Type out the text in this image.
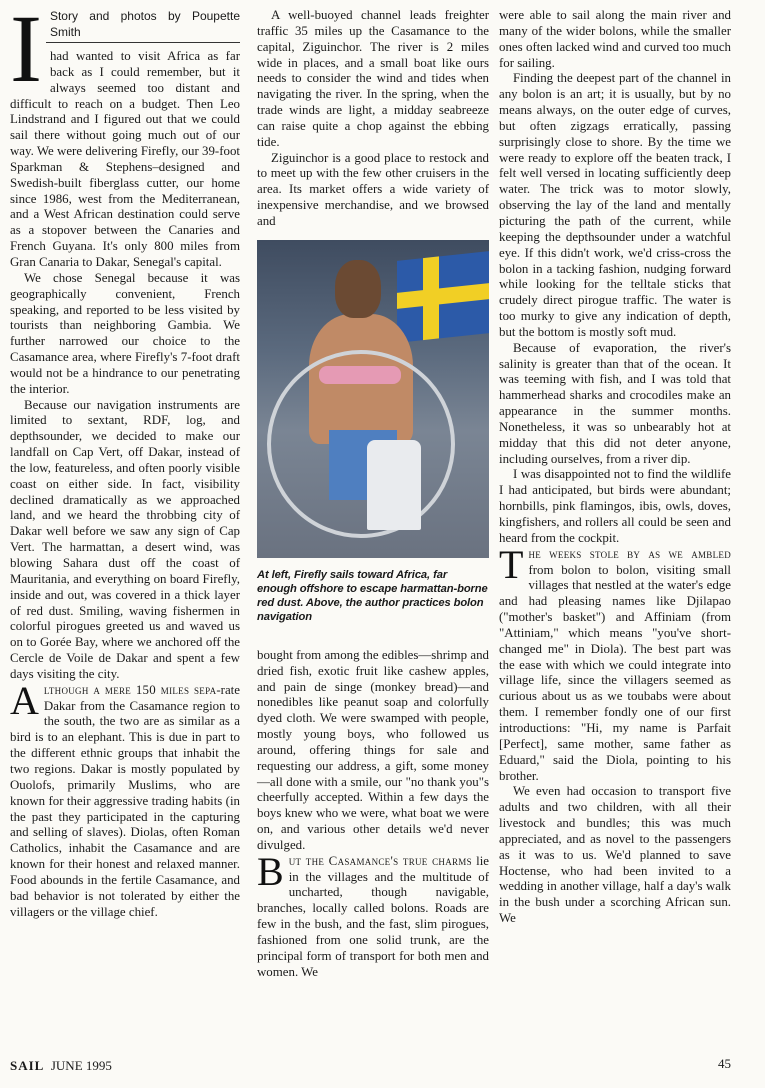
I Story and photos by Poupette Smith

had wanted to visit Africa as far back as I could remember, but it always seemed too distant and difficult to reach on a budget. Then Leo Lindstrand and I figured out that we could sail there without going much out of our way. We were delivering Firefly, our 39-foot Sparkman & Stephens–designed and Swedish-built fiberglass cutter, our home since 1986, west from the Mediterranean, and a West African destination could serve as a stopover between the Canaries and French Guyana. It's only 800 miles from Gran Canaria to Dakar, Senegal's capital.

We chose Senegal because it was geographically convenient, French speaking, and reported to be less visited by tourists than neighboring Gambia. We further narrowed our choice to the Casamance area, where Firefly's 7-foot draft would not be a hindrance to our penetrating the interior.

Because our navigation instruments are limited to sextant, RDF, log, and depthsounder, we decided to make our landfall on Cap Vert, off Dakar, instead of the low, featureless, and often poorly visible coast on either side. In fact, visibility declined dramatically as we approached land, and we heard the throbbing city of Dakar well before we saw any sign of Cap Vert. The harmattan, a desert wind, was blowing Sahara dust off the coast of Mauritania, and everything on board Firefly, inside and out, was covered in a thick layer of red dust. Smiling, waving fishermen in colorful pirogues greeted us and waved us on to Gorée Bay, where we anchored off the Cercle de Voile de Dakar and spent a few days visiting the city.

Although a mere 150 miles sepa-rate Dakar from the Casamance region to the south, the two are as similar as a bird is to an elephant. This is due in part to the different ethnic groups that inhabit the two regions. Dakar is mostly populated by Ouolofs, primarily Muslims, who are known for their aggressive trading habits (in the past they participated in the capturing and selling of slaves). Diolas, often Roman Catholics, inhabit the Casamance and are known for their honest and relaxed manner. Food abounds in the fertile Casamance, and bad behavior is not tolerated by either the villagers or the village chief.

A well-buoyed channel leads freighter traffic 35 miles up the Casamance to the capital, Ziguinchor. The river is 2 miles wide in places, and a small boat like ours needs to consider the wind and tides when navigating the river. In the spring, when the trade winds are light, a midday seabreeze can raise quite a chop against the ebbing tide.

Ziguinchor is a good place to restock and to meet up with the few other cruisers in the area. Its market offers a wide variety of inexpensive merchandise, and we browsed and

At left, Firefly sails toward Africa, far enough offshore to escape harmattan-borne red dust. Above, the author practices bolon navigation

bought from among the edibles—shrimp and dried fish, exotic fruit like cashew apples, and pain de singe (monkey bread)—and nonedibles like peanut soap and colorfully dyed cloth. We were swamped with people, mostly young boys, who followed us around, offering things for sale and requesting our address, a gift, some money—all done with a smile, our "no thank you"s cheerfully accepted. Within a few days the boys knew who we were, what boat we were on, and various other details we'd never divulged.

But the Casamance's true charms lie in the villages and the multitude of uncharted, though navigable, branches, locally called bolons. Roads are few in the bush, and the fast, slim pirogues, fashioned from one solid trunk, are the principal form of transport for both men and women. We

were able to sail along the main river and many of the wider bolons, while the smaller ones often lacked wind and curved too much for sailing.

Finding the deepest part of the channel in any bolon is an art; it is usually, but by no means always, on the outer edge of curves, but often zigzags erratically, passing surprisingly close to shore. By the time we were ready to explore off the beaten track, I felt well versed in locating sufficiently deep water. The trick was to motor slowly, observing the lay of the land and mentally picturing the path of the current, while keeping the depthsounder under a watchful eye. If this didn't work, we'd criss-cross the bolon in a tacking fashion, nudging forward while looking for the telltale sticks that crudely direct pirogue traffic. The water is too murky to give any indication of depth, but the bottom is mostly soft mud.

Because of evaporation, the river's salinity is greater than that of the ocean. It was teeming with fish, and I was told that hammerhead sharks and crocodiles make an appearance in the summer months. Nonetheless, it was so unbearably hot at midday that this did not deter anyone, including ourselves, from a river dip.

I was disappointed not to find the wildlife I had anticipated, but birds were abundant; hornbills, pink flamingos, ibis, owls, doves, kingfishers, and rollers all could be seen and heard from the cockpit.

The weeks stole by as we ambled from bolon to bolon, visiting small villages that nestled at the water's edge and had pleasing names like Djilapao ("mother's basket") and Affiniam (from "Attiniam," which means "you've short-changed me" in Diola). The best part was the ease with which we could integrate into village life, since the villagers seemed as curious about us as we toubabs were about them. I remember fondly one of our first introductions: "Hi, my name is Parfait [Perfect], same mother, same father as Eduard," said the Diola, pointing to his brother.

We even had occasion to transport five adults and two children, with all their livestock and bundles; this was much appreciated, and as novel to the passengers as it was to us. We'd planned to save Hoctense, who had been invited to a wedding in another village, half a day's walk in the bush under a scorching African sun. We

SAIL JUNE 1995	45
